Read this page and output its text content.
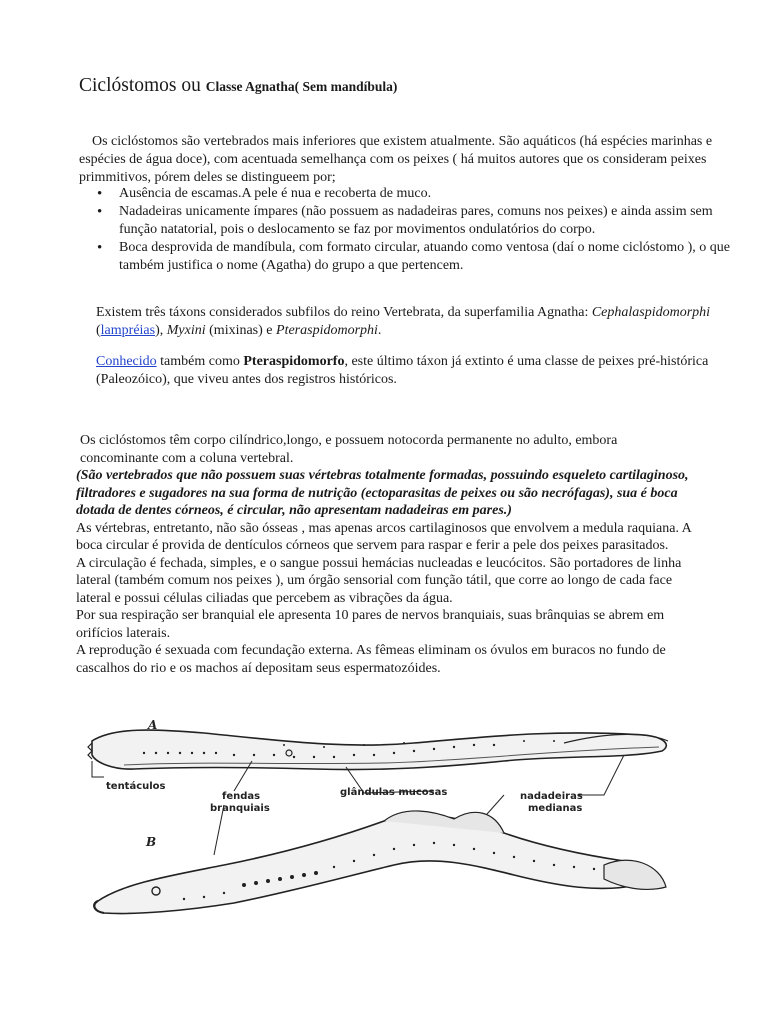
Ciclóstomos ou Classe Agnatha( Sem mandíbula)
Os ciclóstomos são vertebrados mais inferiores que existem atualmente. São aquáticos (há espécies marinhas e espécies de água doce), com acentuada semelhança com os peixes ( há muitos autores que os consideram peixes primmitivos, pórem deles se distingueem por;
• Ausência de escamas.A pele é nua e recoberta de muco.
• Nadadeiras unicamente ímpares (não possuem as nadadeiras pares, comuns nos peixes) e ainda assim sem função natatorial, pois o deslocamento se faz por movimentos ondulatórios do corpo.
• Boca desprovida de mandíbula, com formato circular, atuando como ventosa (daí o nome ciclóstomo ), o que também justifica o nome (Agatha) do grupo a que pertencem.
Existem três táxons considerados subfilos do reino Vertebrata, da superfamilia Agnatha: Cephalaspidomorphi (lampréias), Myxini (mixinas) e Pteraspidomorphi.
Conhecido também como Pteraspidomorfo, este último táxon já extinto é uma classe de peixes pré-histórica (Paleozóico), que viveu antes dos registros históricos.
Os ciclóstomos têm corpo cilíndrico,longo, e possuem notocorda permanente no adulto, embora concominante com a coluna vertebral.
(São vertebrados que não possuem suas vértebras totalmente formadas, possuindo esqueleto cartilaginoso, filtradores e sugadores na sua forma de nutrição (ectoparasitas de peixes ou são necrófagas), sua é boca dotada de dentes córneos, é circular, não apresentam nadadeiras em pares.)
As vértebras, entretanto, não são ósseas , mas apenas arcos cartilaginosos que envolvem a medula raquiana. A boca circular é provida de dentículos córneos que servem para raspar e ferir a pele dos peixes parasitados.
A circulação é fechada, simples, e o sangue possui hemácias nucleadas e leucócitos. São portadores de linha lateral (também comum nos peixes ), um órgão sensorial com função tátil, que corre ao longo de cada face lateral e possui células ciliadas que percebem as vibrações da água.
Por sua respiração ser branquial ele apresenta 10 pares de nervos branquiais, suas brânquias se abrem em orifícios laterais.
A reprodução é sexuada com fecundação externa. As fêmeas eliminam os óvulos em buracos no fundo de cascalhos do rio e os machos aí depositam seus espermatozóides.
A
B
tentáculos
fendas
branquiais
glândulas mucosas	nadadeiras
medianas
